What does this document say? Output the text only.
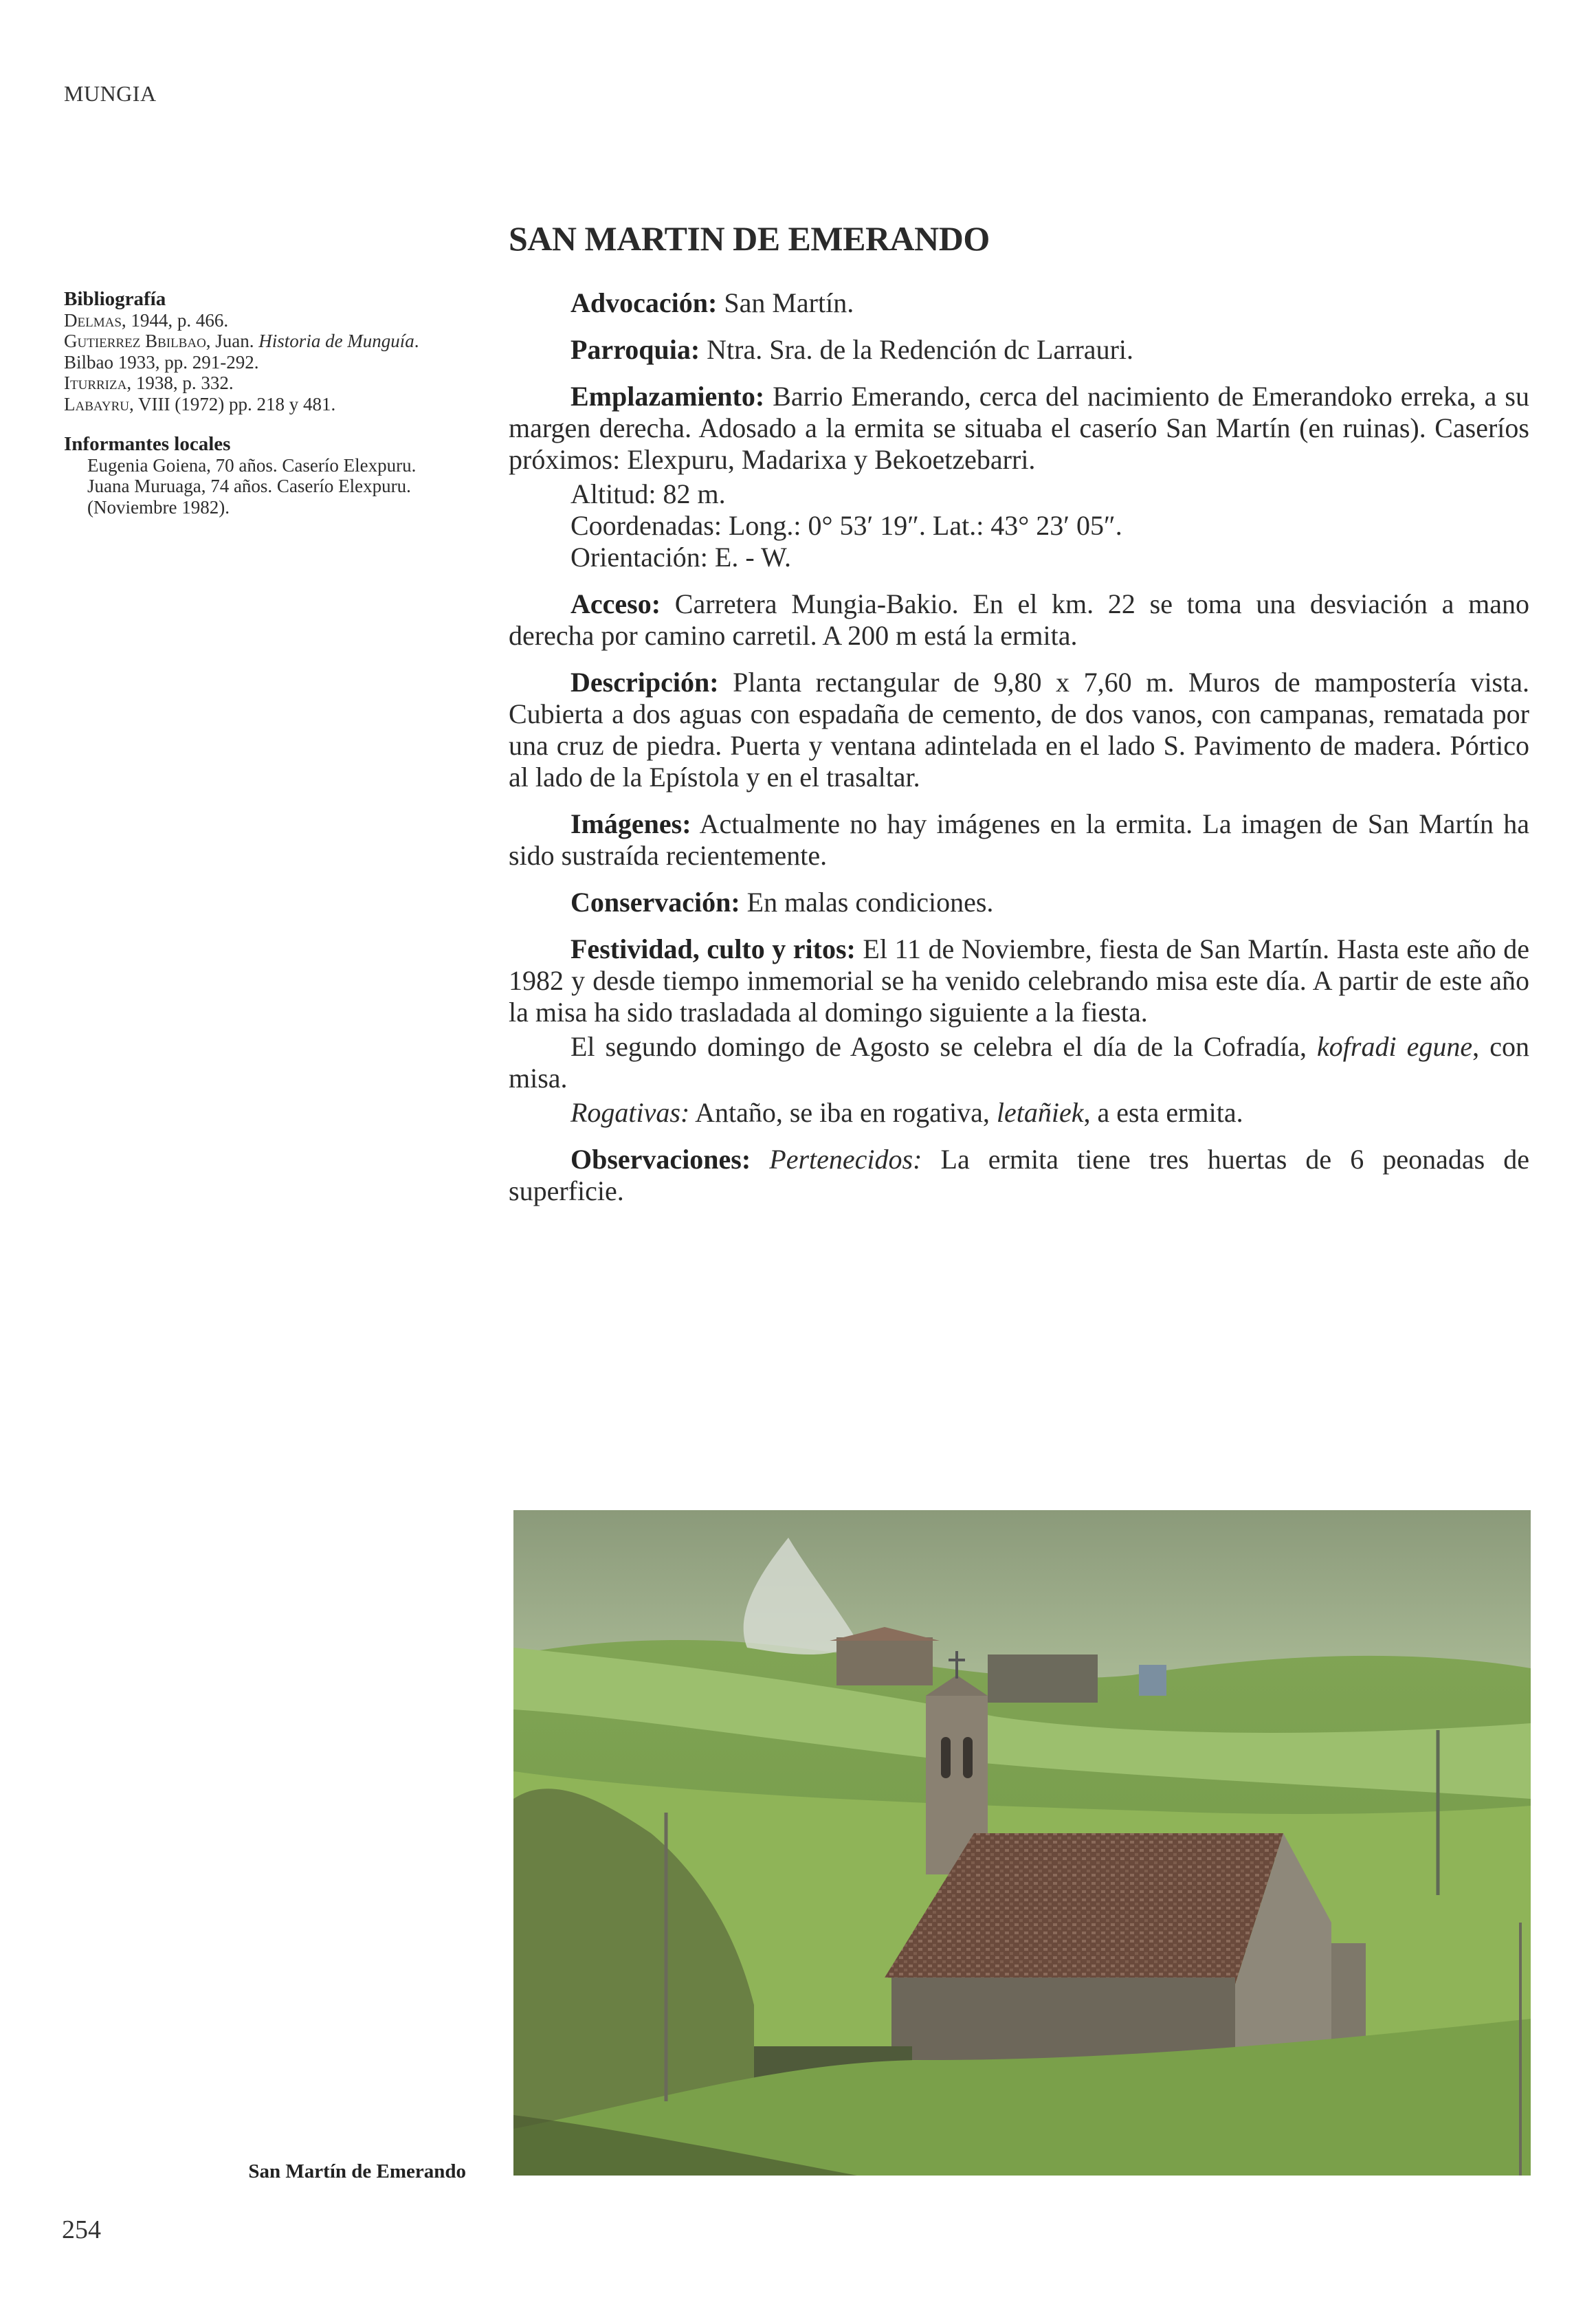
MUNGIA
Bibliografía
Delmas, 1944, p. 466.
Gutierrez Bbilbao, Juan. Historia de Munguía. Bilbao 1933, pp. 291-292.
Iturriza, 1938, p. 332.
Labayru, VIII (1972) pp. 218 y 481.
Informantes locales
Eugenia Goiena, 70 años. Caserío Elexpuru. Juana Muruaga, 74 años. Caserío Elexpuru. (Noviembre 1982).
SAN MARTIN DE EMERANDO

Advocación: San Martín.

Parroquia: Ntra. Sra. de la Redención dc Larrauri.

Emplazamiento: Barrio Emerando, cerca del nacimiento de Emerandoko erreka, a su margen derecha. Adosado a la ermita se situaba el caserío San Martín (en ruinas). Caseríos próximos: Elexpuru, Madarixa y Bekoetzebarri.

Altitud: 82 m.
Coordenadas: Long.: 0° 53′ 19″. Lat.: 43° 23′ 05″.
Orientación: E. - W.

Acceso: Carretera Mungia-Bakio. En el km. 22 se toma una desviación a mano derecha por camino carretil. A 200 m está la ermita.

Descripción: Planta rectangular de 9,80 x 7,60 m. Muros de mampostería vista. Cubierta a dos aguas con espadaña de cemento, de dos vanos, con campanas, rematada por una cruz de piedra. Puerta y ventana adintelada en el lado S. Pavimento de madera. Pórtico al lado de la Epístola y en el trasaltar.

Imágenes: Actualmente no hay imágenes en la ermita. La imagen de San Martín ha sido sustraída recientemente.

Conservación: En malas condiciones.

Festividad, culto y ritos: El 11 de Noviembre, fiesta de San Martín. Hasta este año de 1982 y desde tiempo inmemorial se ha venido celebrando misa este día. A partir de este año la misa ha sido trasladada al domingo siguiente a la fiesta.

El segundo domingo de Agosto se celebra el día de la Cofradía, kofradi egune, con misa.

Rogativas: Antaño, se iba en rogativa, letañiek, a esta ermita.

Observaciones: Pertenecidos: La ermita tiene tres huertas de 6 peonadas de superficie.

San Martín de Emerando
254
